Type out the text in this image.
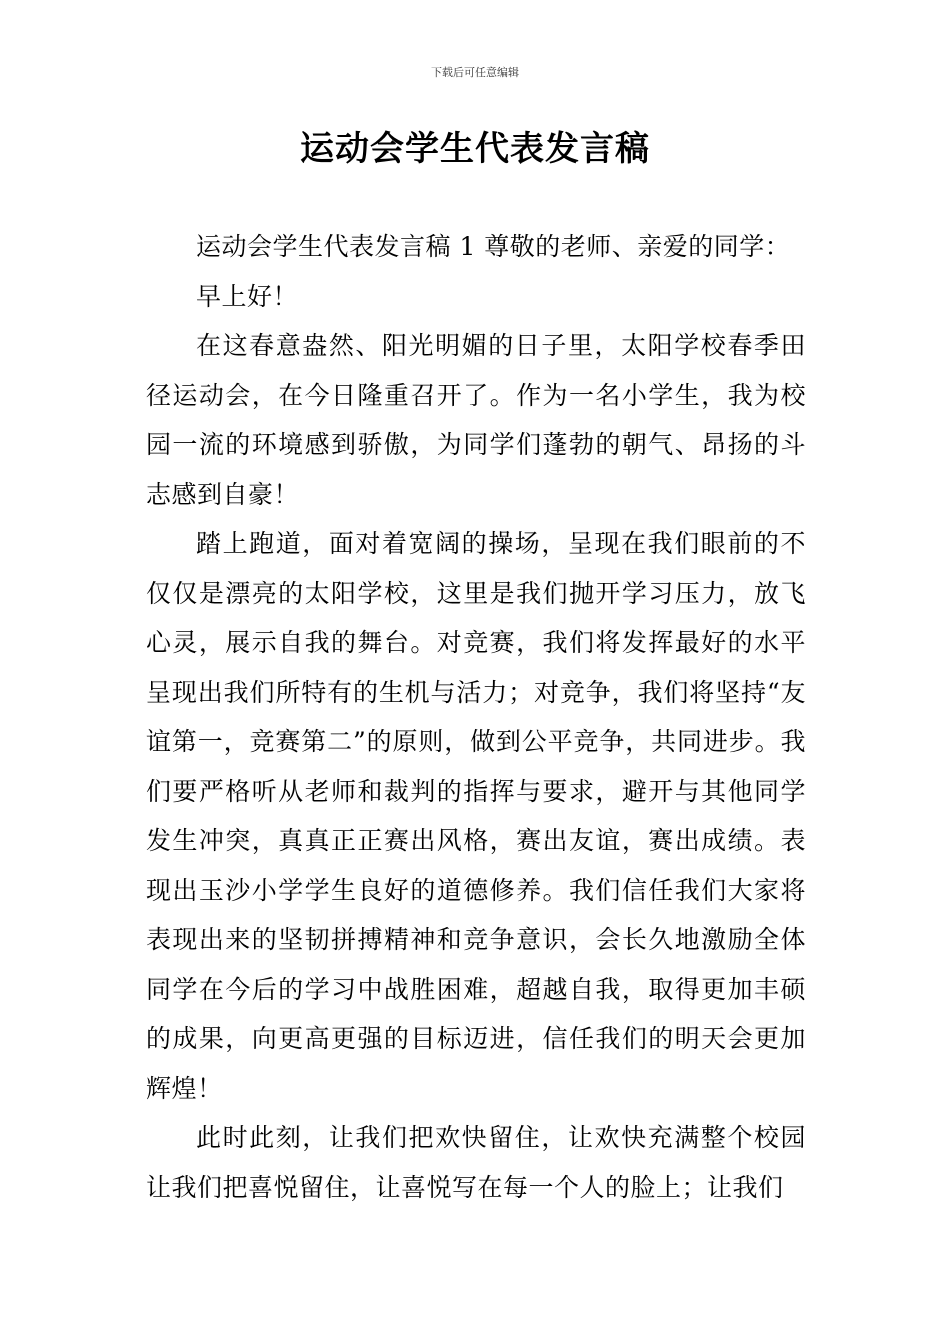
下载后可任意编辑
运动会学生代表发言稿

运动会学生代表发言稿 1 尊敬的老师、亲爱的同学：

早上好！

在这春意盎然、阳光明媚的日子里，太阳学校春季田径运动会，在今日隆重召开了。作为一名小学生，我为校园一流的环境感到骄傲，为同学们蓬勃的朝气、昂扬的斗志感到自豪！

踏上跑道，面对着宽阔的操场，呈现在我们眼前的不仅仅是漂亮的太阳学校，这里是我们抛开学习压力，放飞心灵，展示自我的舞台。对竞赛，我们将发挥最好的水平呈现出我们所特有的生机与活力；对竞争，我们将坚持“友谊第一，竞赛第二”的原则，做到公平竞争，共同进步。我们要严格听从老师和裁判的指挥与要求，避开与其他同学发生冲突，真真正正赛出风格，赛出友谊，赛出成绩。表现出玉沙小学学生良好的道德修养。我们信任我们大家将表现出来的坚韧拼搏精神和竞争意识，会长久地激励全体同学在今后的学习中战胜困难，超越自我，取得更加丰硕的成果，向更高更强的目标迈进，信任我们的明天会更加辉煌！

此时此刻，让我们把欢快留住，让欢快充满整个校园让我们把喜悦留住，让喜悦写在每一个人的脸上；让我们
